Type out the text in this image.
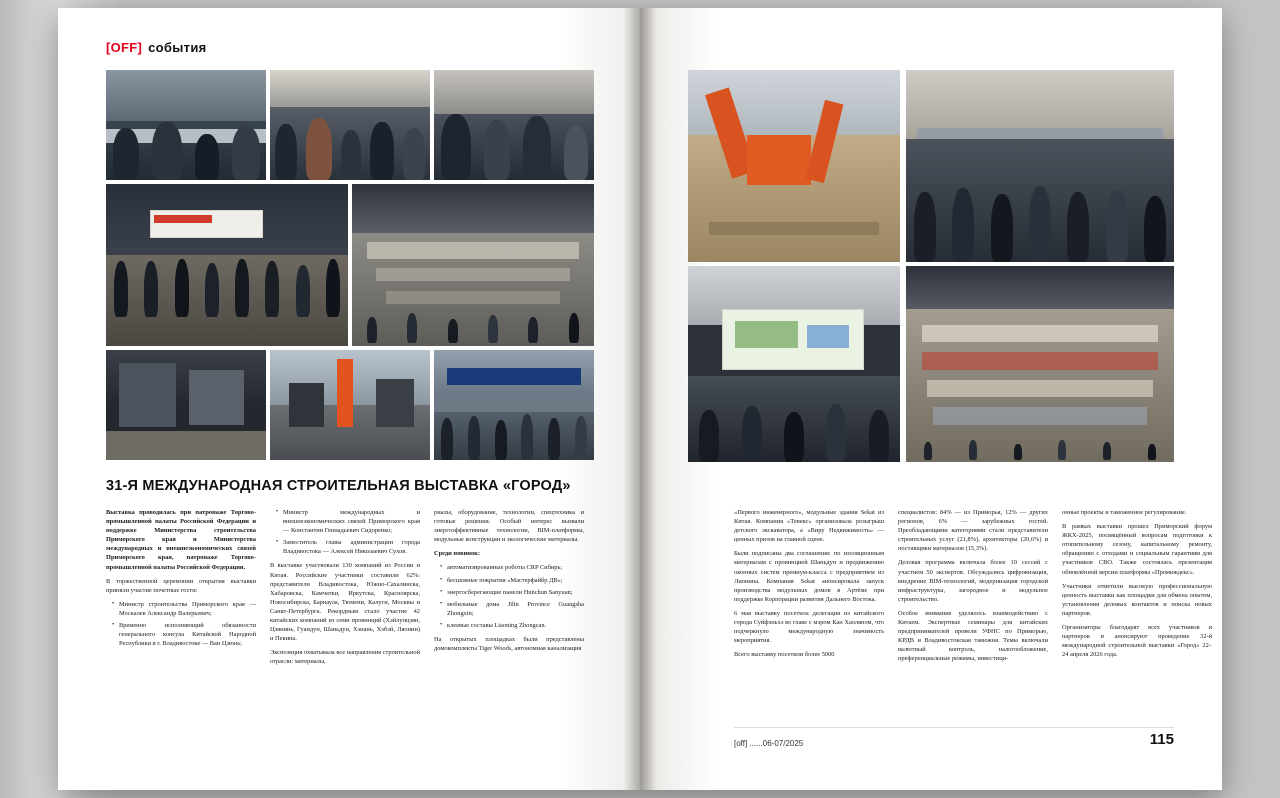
[OFF] события
31-Я МЕЖДУНАРОДНАЯ СТРОИТЕЛЬНАЯ ВЫСТАВКА «ГОРОД»

Выставка проводилась при патронаже Торгово-промышленной палаты Российской Федерации и поддержке Министерства строительства Приморского края и Министерства международных и внешнеэкономических связей Приморского края, патронаже Торгово-промышленной палаты Российской Федерации.

В торжественной церемонии открытия выставки приняли участие почетные гости:

• Министр строительства Приморского края — Москалев Александр Валерьевич;
• Временно исполняющий обязанности генерального консула Китайской Народной Республики в г. Владивостоке — Ван Цзюнь;
• Министр международных и внешнеэкономических связей Приморского края — Константин Геннадьевич Сидоренко;
• Заместитель главы администрации города Владивостока — Алексей Николаевич Сухов.

В выставке участвовали 130 компаний из России и Китая. Российские участники составили 62%: представители Владивостока, Южно-Сахалинска, Хабаровска, Камчатки, Иркутска, Красноярска, Новосибирска, Барнаула, Тюмени, Калуги, Москвы и Санкт-Петербурга. Рекордным стало участие 42 китайских компаний из семи провинций (Хэйлунцзян, Цзянинь, Гуандун, Шаньдун, Хэнань, Хэбэй, Ляонин) и Пекина.

Экспозиция охватывала все направления строительной отрасли: материалы,

риалы, оборудование, технологии, спецтехника и готовые решения. Особый интерес вызвали энергоэффективные технологии, BIM-платформы, модульные конструкции и экологические материалы.

Среди новинок:

• автоматизированные роботы CRP Сибирь;
• бесшовные покрытия «Мастерфайбр ДВ»;
• энергосберегающие панели Hunchun Sanyuan;
• мобильные дома Jilin Province Guangsha Zhongxin;
• клеевые составы Liaoning Zhongcan.

На открытых площадках были представлены домокомплекты Tiger Woods, автономная канализация

«Первого инженерного», модульные здания Sekat из Китая. Компания «Тевекс» организовала розыгрыш детского экскаватора, а «Виру Недвижимость» — ценных призов на главной сцене.

Были подписаны два соглашения: по изоляционным материалам с провинцией Шаньдун и продвижению оконных систем премиум-класса с предприятием из Лионина. Компания Sekat анонсировала запуск производства модульных домов в Артёме при поддержке Корпорации развития Дальнего Востока.

6 мая выставку посетила делегация из китайского города Суйфэньхэ во главе с мэром Кан Хаоляном, что подчеркнуло международную значимость мероприятия.

Всего выставку посетили более 5000

специалистов: 84% — из Приморья, 12% — других регионов, 6% — зарубежных гостей. Преобладающими категориями стали представители строительных услуг (21,8%), архитекторы (20,6%) и поставщики материалов (15,3%).

Деловая программа включала более 10 сессий с участием 50 экспертов. Обсуждались цифровизация, внедрение BIM-технологий, модернизация городской инфраструктуры, загородное и модульное строительство.

Особое внимание уделялось взаимодействию с Китаем. Экспертные семинары для китайских предпринимателей провели УФНС по Приморью, КРДВ и Владивостокская таможня. Темы включали валютный контроль, налогообложение, преференциальные режимы, инвестици-

онные проекты и таможенное регулирование.

В рамках выставки прошел Приморский форум ЖКХ-2025, посвящённый вопросам подготовки к отопительному сезону, капитальному ремонту, обращению с отходами и социальным гарантиям для участников СВО. Также состоялась презентация обновлённой версии платформы «Промиждекс».

Участники отметили высокую профессиональную ценность выставки как площадки для обмена опытом, установления деловых контактов и поиска новых партнеров.

Организаторы благодарят всех участников и партнеров и анонсируют проведение 32-й международной строительной выставки «Город» 22–24 апреля 2026 года.

[off] ......06-07/2025	115
